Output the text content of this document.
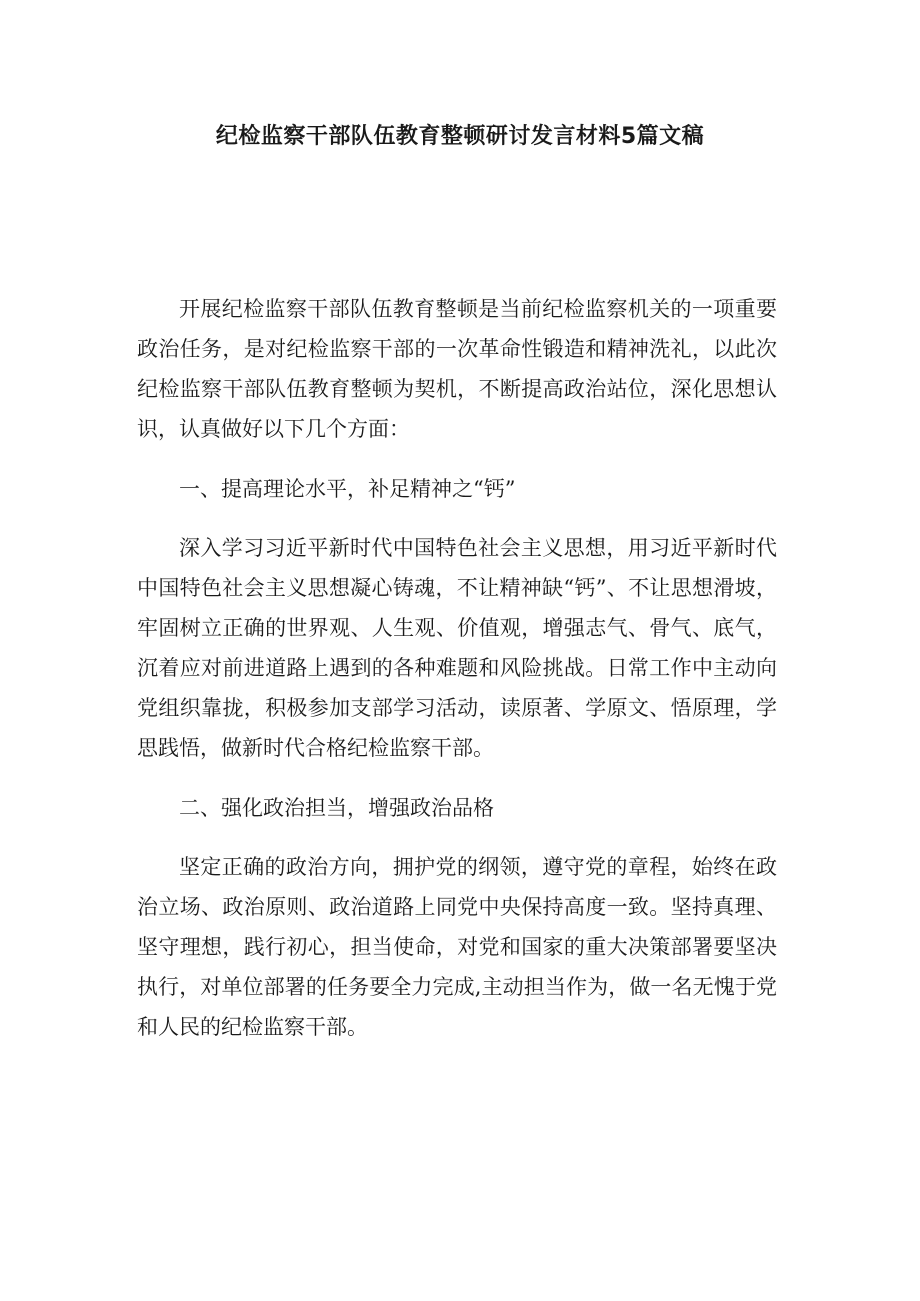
纪检监察干部队伍教育整顿研讨发言材料5篇文稿

开展纪检监察干部队伍教育整顿是当前纪检监察机关的一项重要政治任务，是对纪检监察干部的一次革命性锻造和精神洗礼，以此次纪检监察干部队伍教育整顿为契机，不断提高政治站位，深化思想认识，认真做好以下几个方面：

一、提高理论水平，补足精神之“钙”

深入学习习近平新时代中国特色社会主义思想，用习近平新时代中国特色社会主义思想凝心铸魂，不让精神缺“钙”、不让思想滑坡，牢固树立正确的世界观、人生观、价值观，增强志气、骨气、底气，沉着应对前进道路上遇到的各种难题和风险挑战。日常工作中主动向党组织靠拢，积极参加支部学习活动，读原著、学原文、悟原理，学思践悟，做新时代合格纪检监察干部。

二、强化政治担当，增强政治品格

坚定正确的政治方向，拥护党的纲领，遵守党的章程，始终在政治立场、政治原则、政治道路上同党中央保持高度一致。坚持真理、坚守理想，践行初心，担当使命，对党和国家的重大决策部署要坚决执行，对单位部署的任务要全力完成,主动担当作为，做一名无愧于党和人民的纪检监察干部。
